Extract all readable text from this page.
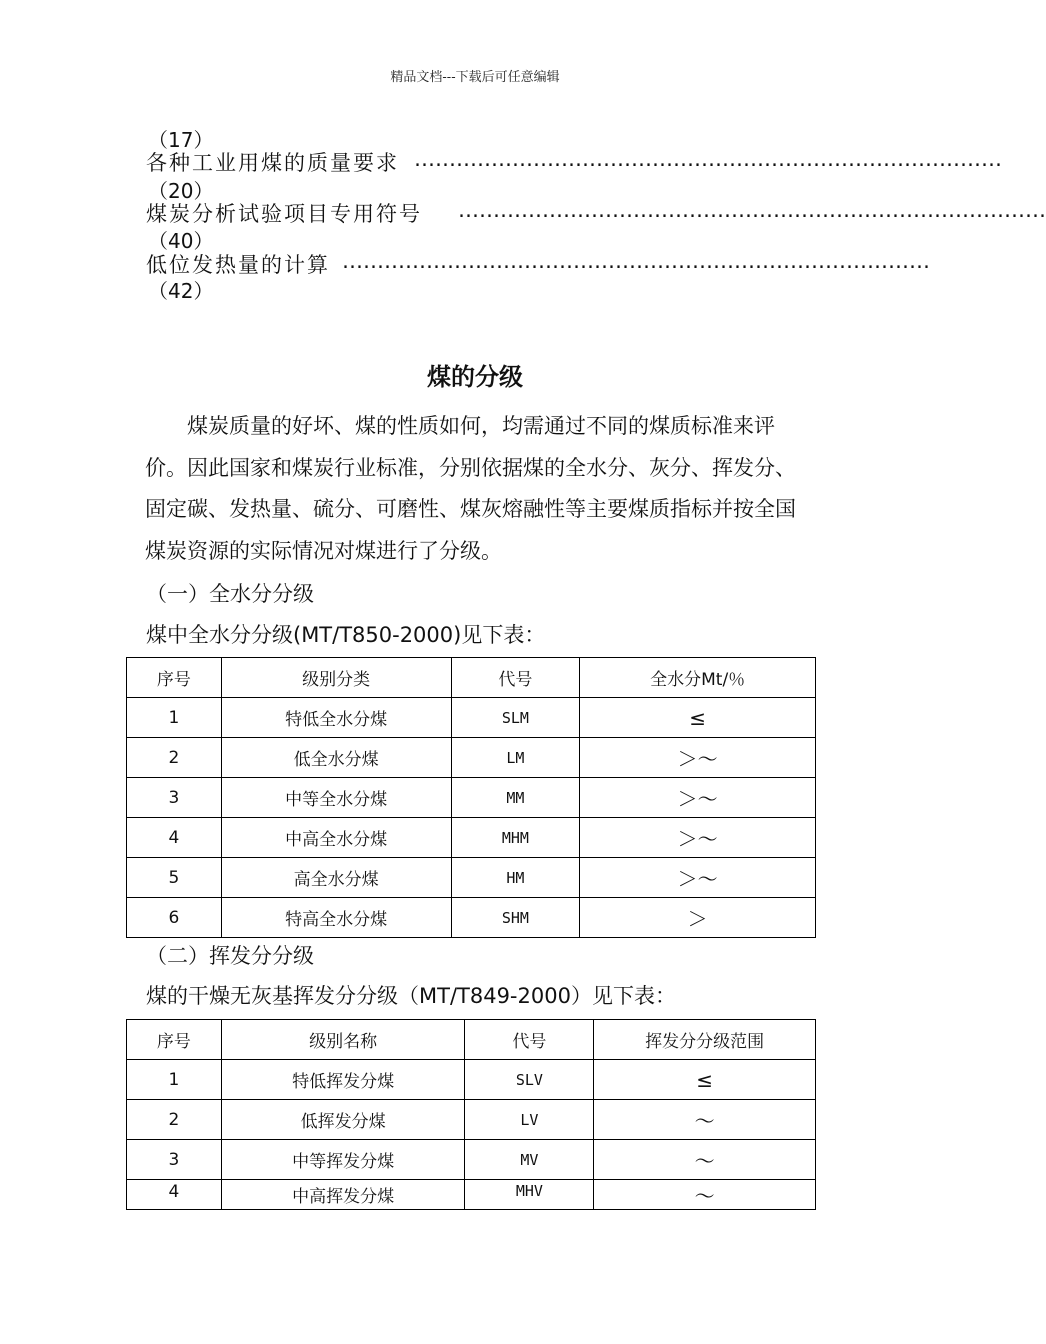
精品文档---下载后可任意编辑
（17）
各种工业用煤的质量要求 …………………………………………………………………………
（20）
煤炭分析试验项目专用符号 …………………………………………………………………………
（40）
低位发热量的计算 …………………………………………………………………………
（42）
煤的分级
煤炭质量的好坏、煤的性质如何，均需通过不同的煤质标准来评价。因此国家和煤炭行业标准，分别依据煤的全水分、灰分、挥发分、固定碳、发热量、硫分、可磨性、煤灰熔融性等主要煤质指标并按全国煤炭资源的实际情况对煤进行了分级。
（一）全水分分级
煤中全水分分级(MT/T850-2000)见下表：
序号	级别分类	代号	全水分Mt/％
1	特低全水分煤	SLM	≤
2	低全水分煤	LM	＞～
3	中等全水分煤	MM	＞～
4	中高全水分煤	MHM	＞～
5	高全水分煤	HM	＞～
6	特高全水分煤	SHM	＞
（二）挥发分分级
煤的干燥无灰基挥发分分级（MT/T849-2000）见下表：
序号	级别名称	代号	挥发分分级范围
1	特低挥发分煤	SLV	≤
2	低挥发分煤	LV	～
3	中等挥发分煤	MV	～
4	中高挥发分煤	MHV	～
